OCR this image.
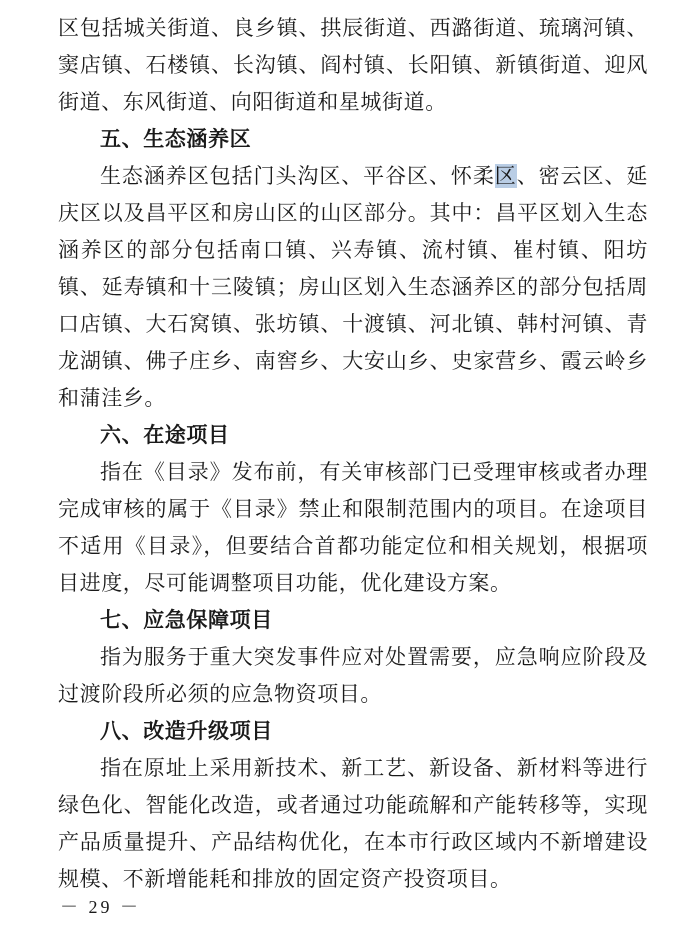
区包括城关街道、良乡镇、拱辰街道、西潞街道、琉璃河镇、窦店镇、石楼镇、长沟镇、阎村镇、长阳镇、新镇街道、迎风街道、东风街道、向阳街道和星城街道。

五、生态涵养区

生态涵养区包括门头沟区、平谷区、怀柔区、密云区、延庆区以及昌平区和房山区的山区部分。其中：昌平区划入生态涵养区的部分包括南口镇、兴寿镇、流村镇、崔村镇、阳坊镇、延寿镇和十三陵镇；房山区划入生态涵养区的部分包括周口店镇、大石窝镇、张坊镇、十渡镇、河北镇、韩村河镇、青龙湖镇、佛子庄乡、南窖乡、大安山乡、史家营乡、霞云岭乡和蒲洼乡。

六、在途项目

指在《目录》发布前，有关审核部门已受理审核或者办理完成审核的属于《目录》禁止和限制范围内的项目。在途项目不适用《目录》，但要结合首都功能定位和相关规划，根据项目进度，尽可能调整项目功能，优化建设方案。

七、应急保障项目

指为服务于重大突发事件应对处置需要，应急响应阶段及过渡阶段所必须的应急物资项目。

八、改造升级项目

指在原址上采用新技术、新工艺、新设备、新材料等进行绿色化、智能化改造，或者通过功能疏解和产能转移等，实现产品质量提升、产品结构优化，在本市行政区域内不新增建设规模、不新增能耗和排放的固定资产投资项目。

－ 29 －
